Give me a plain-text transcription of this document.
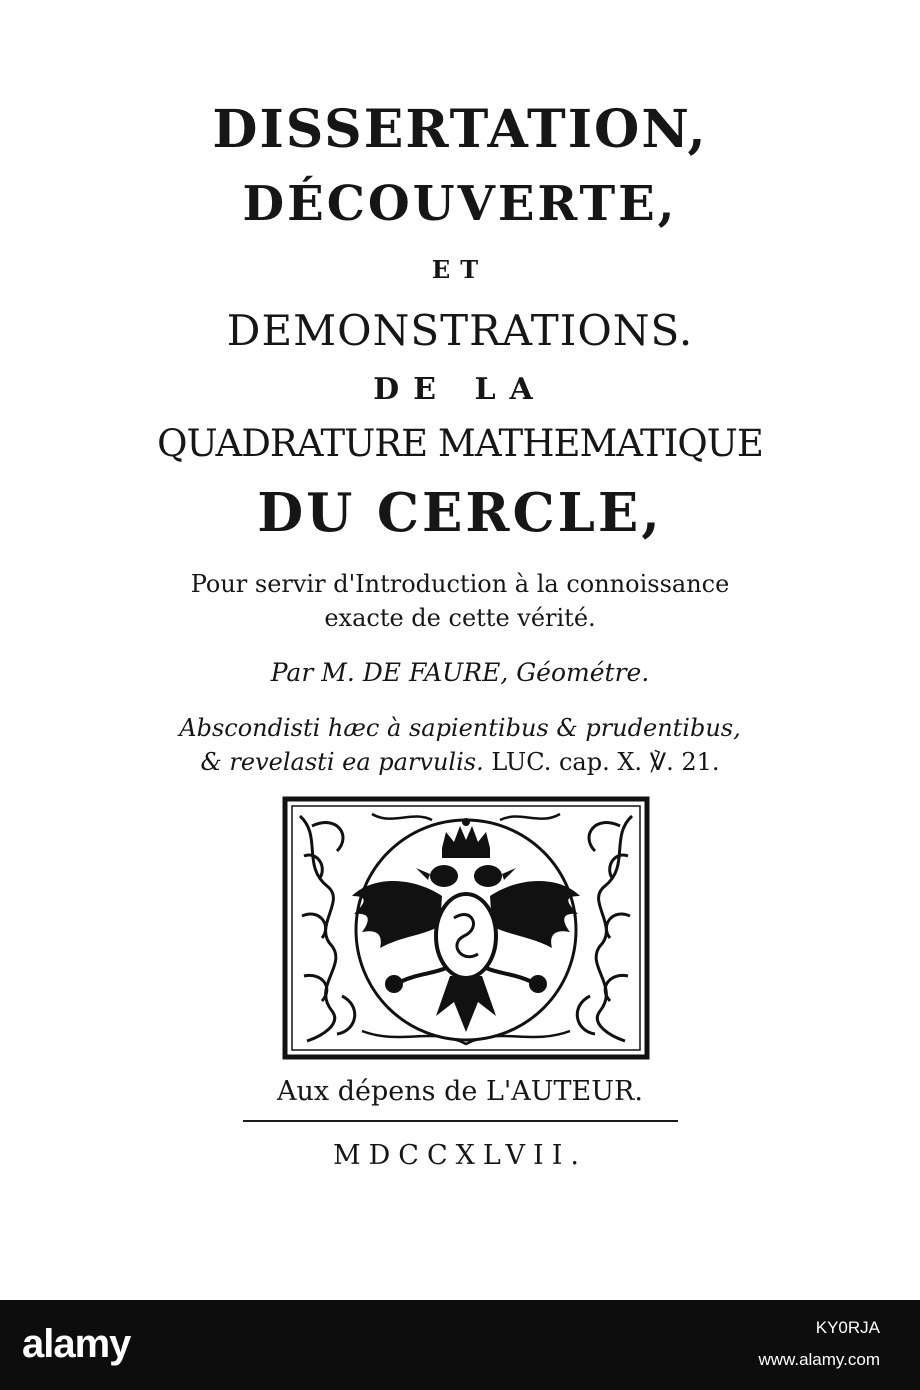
DISSERTATION,
DÉCOUVERTE,
ET
DEMONSTRATIONS.
DE LA
QUADRATURE MATHEMATIQUE
DU CERCLE,
Pour servir d'Introduction à la connoissance
exacte de cette vérité.
Par M. DE FAURE, Géométre.
Abscondisti hæc à sapientibus & prudentibus,
& revelasti ea parvulis. LUC. cap. X. ℣. 21.
Aux dépens de L'AUTEUR.
MDCCXLVII.
alamy	KY0RJA
www.alamy.com
